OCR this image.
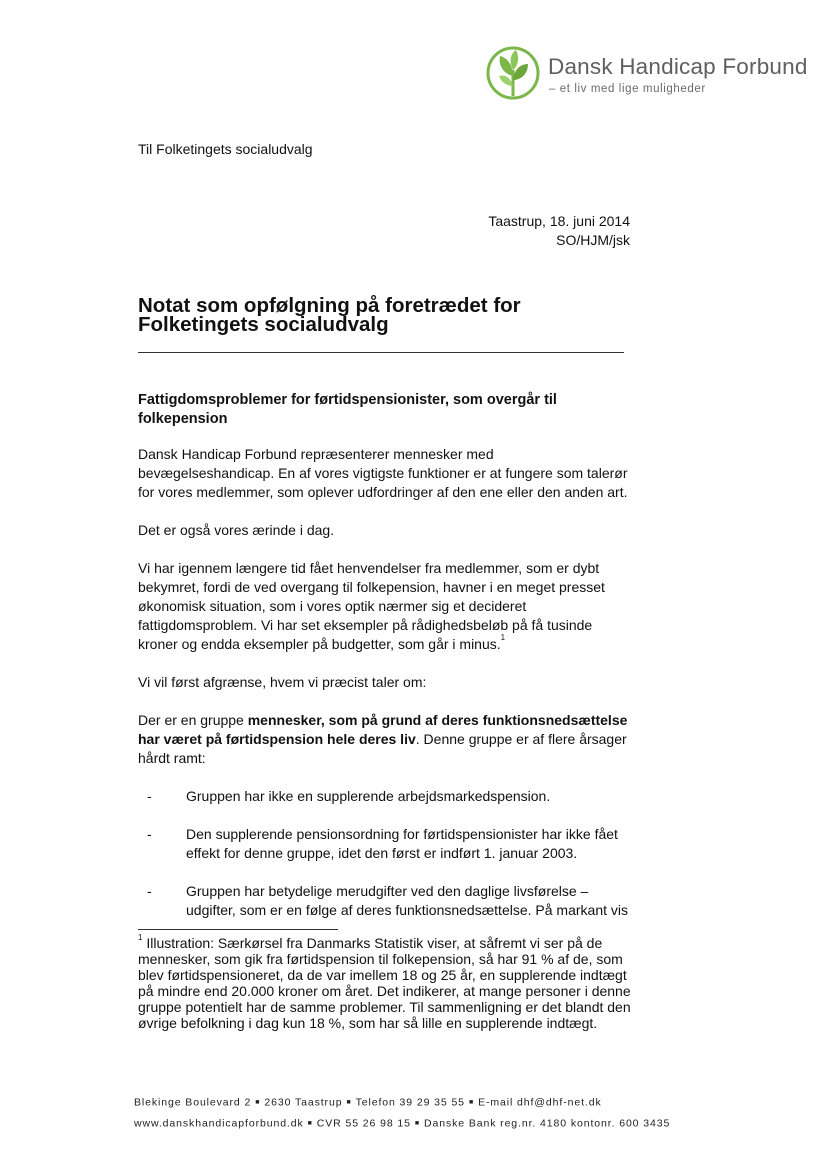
Dansk Handicap Forbund
– et liv med lige muligheder
Til Folketingets socialudvalg
Taastrup, 18. juni 2014
SO/HJM/jsk
Notat som opfølgning på foretrædet for
Folketingets socialudvalg
Fattigdomsproblemer for førtidspensionister, som overgår til
folkepension

Dansk Handicap Forbund repræsenterer mennesker med bevægelseshandicap. En af vores vigtigste funktioner er at fungere som talerør for vores medlemmer, som oplever udfordringer af den ene eller den anden art.

Det er også vores ærinde i dag.

Vi har igennem længere tid fået henvendelser fra medlemmer, som er dybt bekymret, fordi de ved overgang til folkepension, havner i en meget presset økonomisk situation, som i vores optik nærmer sig et decideret fattigdomsproblem. Vi har set eksempler på rådighedsbeløb på få tusinde kroner og endda eksempler på budgetter, som går i minus.$^1$

Vi vil først afgrænse, hvem vi præcist taler om:

Der er en gruppe mennesker, som på grund af deres funktionsnedsættelse har været på førtidspension hele deres liv. Denne gruppe er af flere årsager hårdt ramt:

- Gruppen har ikke en supplerende arbejdsmarkedspension.
- Den supplerende pensionsordning for førtidspensionister har ikke fået effekt for denne gruppe, idet den først er indført 1. januar 2003.
- Gruppen har betydelige merudgifter ved den daglige livsførelse – udgifter, som er en følge af deres funktionsnedsættelse. På markant vis
$^1$ Illustration: Særkørsel fra Danmarks Statistik viser, at såfremt vi ser på de mennesker, som gik fra førtidspension til folkepension, så har 91 % af de, som blev førtidspensioneret, da de var imellem 18 og 25 år, en supplerende indtægt på mindre end 20.000 kroner om året. Det indikerer, at mange personer i denne gruppe potentielt har de samme problemer. Til sammenligning er det blandt den øvrige befolkning i dag kun 18 %, som har så lille en supplerende indtægt.
Blekinge Boulevard 2 ■ 2630 Taastrup ■ Telefon 39 29 35 55 ■ E-mail dhf@dhf-net.dk
www.danskhandicapforbund.dk ■ CVR 55 26 98 15 ■ Danske Bank reg.nr. 4180 kontonr. 600 3435
